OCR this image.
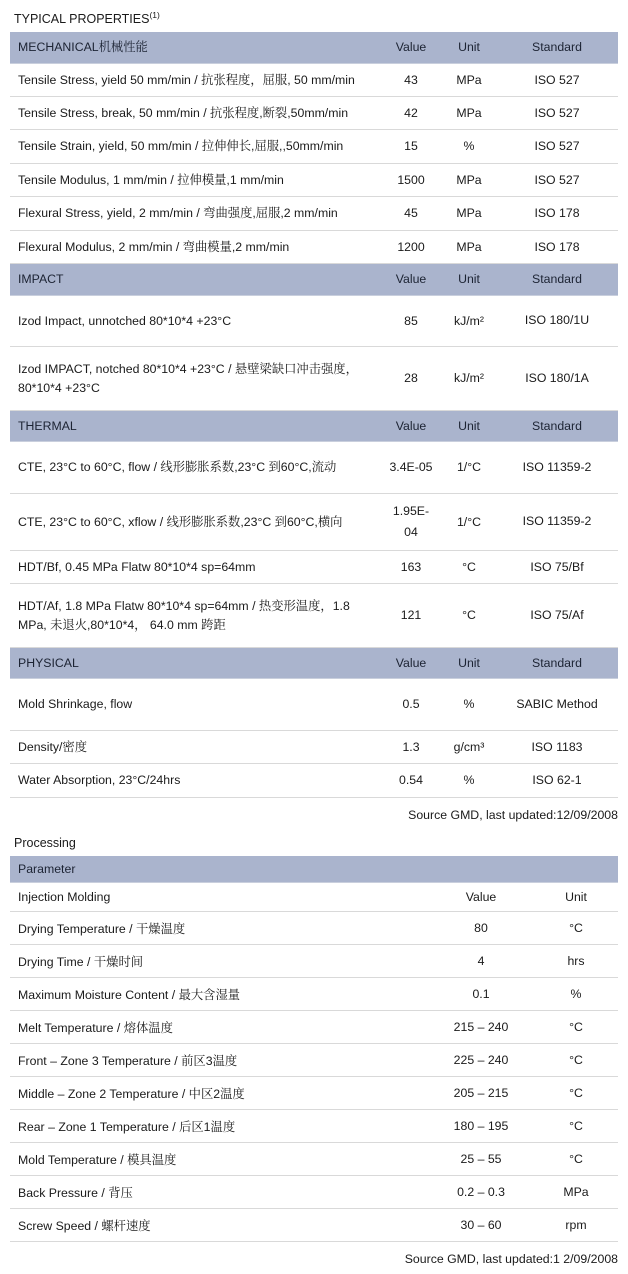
TYPICAL PROPERTIES$^{(1)}$
MECHANICAL机械性能	Value	Unit	Standard
Tensile Stress, yield 50 mm/min / 抗张程度，屈服, 50 mm/min	43	MPa	ISO 527
Tensile Stress, break, 50 mm/min / 抗张程度,断裂,50mm/min	42	MPa	ISO 527
Tensile Strain, yield, 50 mm/min / 拉伸伸长,屈服,,50mm/min	15	%	ISO 527
Tensile Modulus, 1 mm/min / 拉伸模量,1 mm/min	1500	MPa	ISO 527
Flexural Stress, yield, 2 mm/min / 弯曲强度,屈服,2 mm/min	45	MPa	ISO 178
Flexural Modulus, 2 mm/min / 弯曲模量,2 mm/min	1200	MPa	ISO 178
IMPACT	Value	Unit	Standard
Izod Impact, unnotched 80*10*4 +23°C	85	kJ/m²	ISO 180/1U
Izod IMPACT, notched 80*10*4 +23°C / 悬壁梁缺口冲击强度，80*10*4 +23°C	28	kJ/m²	ISO 180/1A
THERMAL	Value	Unit	Standard
CTE, 23°C to 60°C, flow / 线形膨胀系数,23°C 到60°C,流动	3.4E-05	1/°C	ISO 11359-2
CTE, 23°C to 60°C, xflow / 线形膨胀系数,23°C 到60°C,横向	1.95E-04	1/°C	ISO 11359-2
HDT/Bf, 0.45 MPa Flatw 80*10*4 sp=64mm	163	°C	ISO 75/Bf
HDT/Af, 1.8 MPa Flatw 80*10*4 sp=64mm / 热变形温度，1.8 MPa, 未退火,80*10*4， 64.0 mm 跨距	121	°C	ISO 75/Af
PHYSICAL	Value	Unit	Standard
Mold Shrinkage, flow	0.5	%	SABIC Method
Density/密度	1.3	g/cm³	ISO 1183
Water Absorption, 23°C/24hrs	0.54	%	ISO 62-1
Source GMD, last updated:12/09/2008
Processing
Parameter		
Injection Molding	Value	Unit
Drying Temperature / 干燥温度	80	°C
Drying Time / 干燥时间	4	hrs
Maximum Moisture Content / 最大含湿量	0.1	%
Melt Temperature / 熔体温度	215 – 240	°C
Front – Zone 3 Temperature / 前区3温度	225 – 240	°C
Middle – Zone 2 Temperature / 中区2温度	205 – 215	°C
Rear – Zone 1 Temperature / 后区1温度	180 – 195	°C
Mold Temperature / 模具温度	25 – 55	°C
Back Pressure / 背压	0.2 – 0.3	MPa
Screw Speed / 螺杆速度	30 – 60	rpm
Source GMD, last updated:1 2/09/2008
